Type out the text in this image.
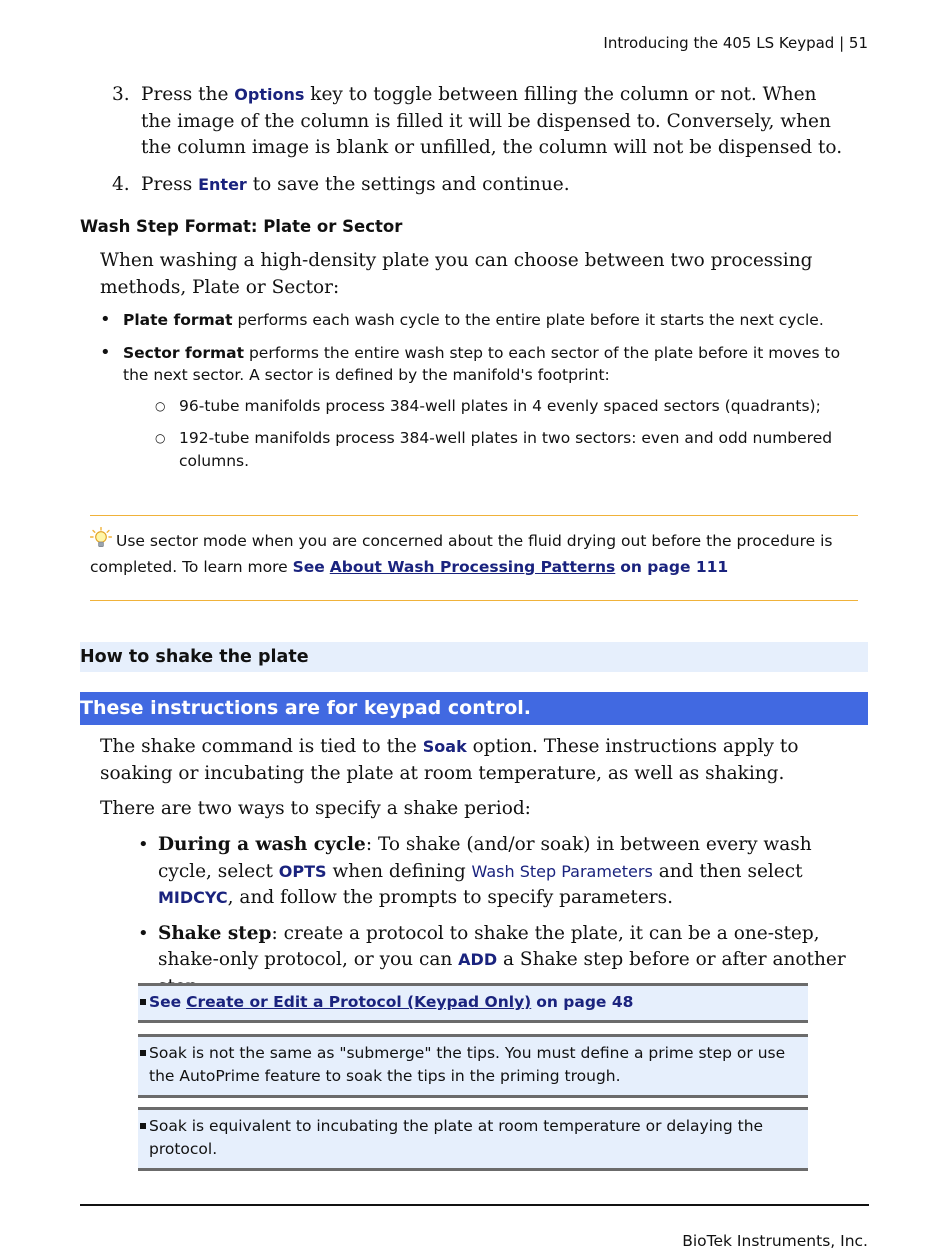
Introducing the 405 LS Keypad | 51
3. Press the Options key to toggle between filling the column or not. When the image of the column is filled it will be dispensed to. Conversely, when the column image is blank or unfilled, the column will not be dispensed to.
4. Press Enter to save the settings and continue.
Wash Step Format: Plate or Sector
When washing a high-density plate you can choose between two processing methods, Plate or Sector:
• Plate format performs each wash cycle to the entire plate before it starts the next cycle.
• Sector format performs the entire wash step to each sector of the plate before it moves to the next sector. A sector is defined by the manifold's footprint:
○ 96-tube manifolds process 384-well plates in 4 evenly spaced sectors (quadrants);
○ 192-tube manifolds process 384-well plates in two sectors: even and odd numbered columns.
Use sector mode when you are concerned about the fluid drying out before the procedure is completed. To learn more See About Wash Processing Patterns on page 111
How to shake the plate
These instructions are for keypad control.
The shake command is tied to the Soak option. These instructions apply to soaking or incubating the plate at room temperature, as well as shaking.
There are two ways to specify a shake period:
• During a wash cycle: To shake (and/or soak) in between every wash cycle, select OPTS when defining Wash Step Parameters and then select MIDCYC, and follow the prompts to specify parameters.
• Shake step: create a protocol to shake the plate, it can be a one-step, shake-only protocol, or you can ADD a Shake step before or after another
See Create or Edit a Protocol (Keypad Only) on page 48
Soak is not the same as "submerge" the tips. You must define a prime step or use the AutoPrime feature to soak the tips in the priming trough.
Soak is equivalent to incubating the plate at room temperature or delaying the protocol.
BioTek Instruments, Inc.
